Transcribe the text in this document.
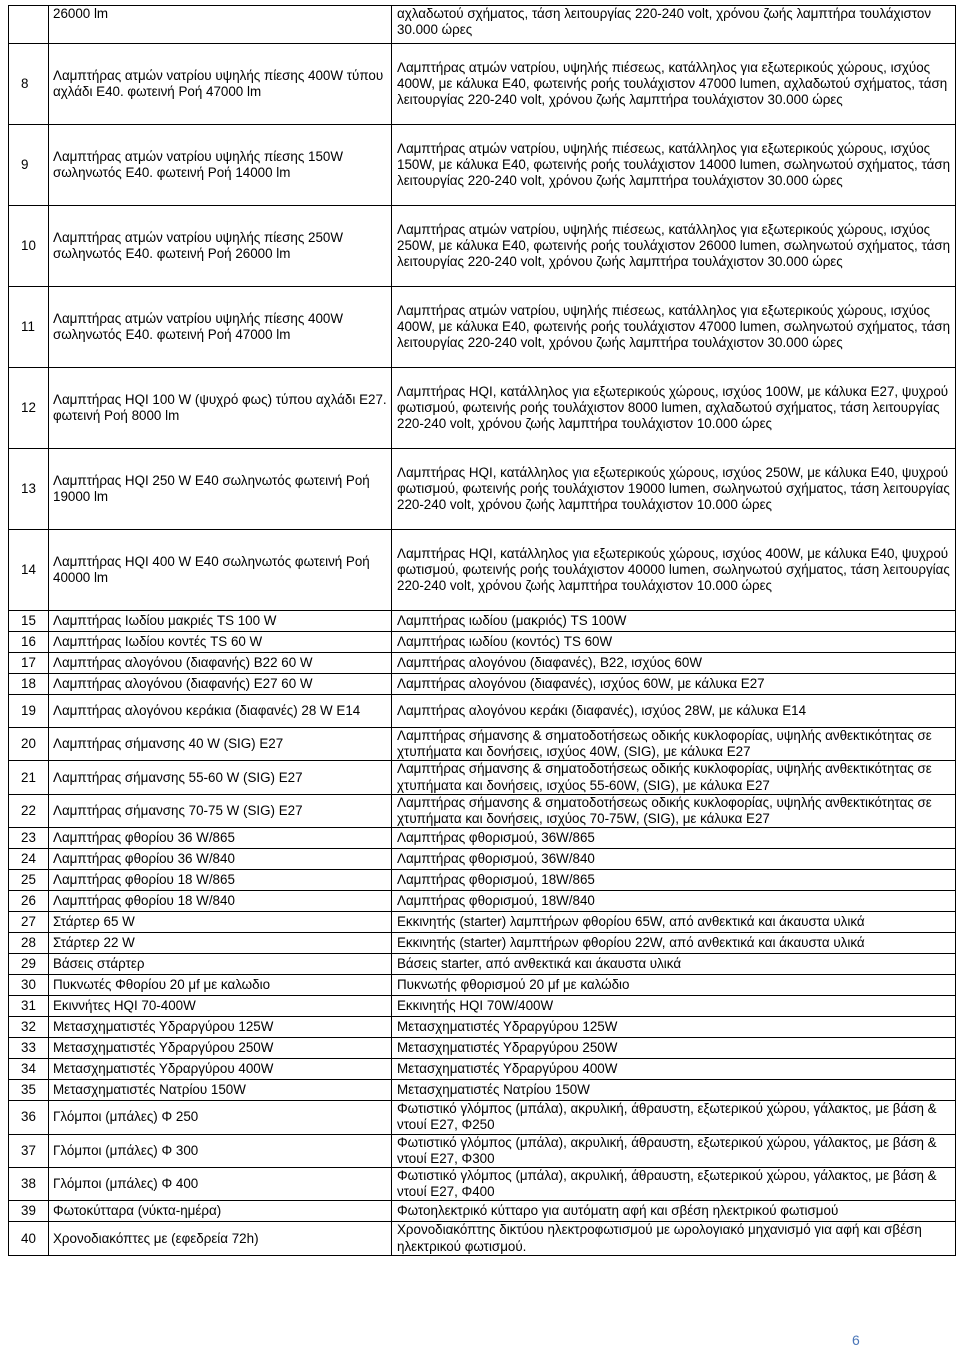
	26000 lm	αχλαδωτού σχήματος, τάση λειτουργίας 220-240 volt, χρόνου ζωής λαμπτήρα τουλάχιστον 30.000 ώρες
8	Λαμπτήρας ατμών νατρίου υψηλής πίεσης 400W τύπου αχλάδι E40. φωτεινή Ροή 47000 lm	Λαμπτήρας ατμών νατρίου, υψηλής πιέσεως, κατάλληλος για εξωτερικούς χώρους, ισχύος 400W, με κάλυκα Ε40, φωτεινής ροής τουλάχιστον 47000 lumen, αχλαδωτού σχήματος, τάση λειτουργίας 220-240 volt, χρόνου ζωής λαμπτήρα τουλάχιστον 30.000 ώρες
9	Λαμπτήρας ατμών νατρίου υψηλής πίεσης 150W σωληνωτός E40. φωτεινή Ροή 14000 lm	Λαμπτήρας ατμών νατρίου, υψηλής πιέσεως, κατάλληλος για εξωτερικούς χώρους, ισχύος 150W, με κάλυκα Ε40, φωτεινής ροής τουλάχιστον 14000 lumen, σωληνωτού σχήματος, τάση λειτουργίας 220-240 volt, χρόνου ζωής λαμπτήρα τουλάχιστον 30.000 ώρες
10	Λαμπτήρας ατμών νατρίου υψηλής πίεσης 250W σωληνωτός E40. φωτεινή Ροή 26000 lm	Λαμπτήρας ατμών νατρίου, υψηλής πιέσεως, κατάλληλος για εξωτερικούς χώρους, ισχύος 250W, με κάλυκα Ε40, φωτεινής ροής τουλάχιστον 26000 lumen, σωληνωτού σχήματος, τάση λειτουργίας 220-240 volt, χρόνου ζωής λαμπτήρα τουλάχιστον 30.000 ώρες
11	Λαμπτήρας ατμών νατρίου υψηλής πίεσης 400W σωληνωτός E40. φωτεινή Ροή 47000 lm	Λαμπτήρας ατμών νατρίου, υψηλής πιέσεως, κατάλληλος για εξωτερικούς χώρους, ισχύος 400W, με κάλυκα Ε40, φωτεινής ροής τουλάχιστον 47000 lumen, σωληνωτού σχήματος, τάση λειτουργίας 220-240 volt, χρόνου ζωής λαμπτήρα τουλάχιστον 30.000 ώρες
12	Λαμπτήρας HQI 100 W (ψυχρό φως) τύπου αχλάδι E27. φωτεινή Ροή 8000 lm	Λαμπτήρας HQI, κατάλληλος για εξωτερικούς χώρους, ισχύος 100W, με κάλυκα Ε27, ψυχρού φωτισμού, φωτεινής ροής τουλάχιστον 8000 lumen, αχλαδωτού σχήματος, τάση λειτουργίας 220-240 volt, χρόνου ζωής λαμπτήρα τουλάχιστον 10.000 ώρες
13	Λαμπτήρας HQI 250 W E40 σωληνωτός φωτεινή Ροή 19000 lm	Λαμπτήρας HQI, κατάλληλος για εξωτερικούς χώρους, ισχύος 250W, με κάλυκα Ε40, ψυχρού φωτισμού, φωτεινής ροής τουλάχιστον 19000 lumen, σωληνωτού σχήματος, τάση λειτουργίας 220-240 volt, χρόνου ζωής λαμπτήρα τουλάχιστον 10.000 ώρες
14	Λαμπτήρας HQI 400 W E40 σωληνωτός φωτεινή Ροή 40000 lm	Λαμπτήρας HQI, κατάλληλος για εξωτερικούς χώρους, ισχύος 400W, με κάλυκα Ε40, ψυχρού φωτισμού, φωτεινής ροής τουλάχιστον 40000 lumen, σωληνωτού σχήματος, τάση λειτουργίας 220-240 volt, χρόνου ζωής λαμπτήρα τουλάχιστον 10.000 ώρες
15	Λαμπτήρας Ιωδίου μακριές TS 100 W	Λαμπτήρας ιωδίου (μακριός) TS 100W
16	Λαμπτήρας Ιωδίου κοντές TS 60 W	Λαμπτήρας ιωδίου (κοντός) TS 60W
17	Λαμπτήρας αλογόνου (διαφανής) B22 60 W	Λαμπτήρας αλογόνου (διαφανές), B22, ισχύος 60W
18	Λαμπτήρας αλογόνου (διαφανής) E27 60 W	Λαμπτήρας αλογόνου (διαφανές), ισχύος 60W, με κάλυκα E27
19	Λαμπτήρας αλογόνου κεράκια (διαφανές) 28 W E14	Λαμπτήρας αλογόνου κεράκι (διαφανές), ισχύος 28W, με κάλυκα E14
20	Λαμπτήρας σήμανσης 40 W (SIG) E27	Λαμπτήρας σήμανσης & σηματοδοτήσεως οδικής κυκλοφορίας, υψηλής ανθεκτικότητας σε χτυπήματα και δονήσεις, ισχύος 40W, (SIG), με κάλυκα E27
21	Λαμπτήρας σήμανσης 55-60 W (SIG) E27	Λαμπτήρας σήμανσης & σηματοδοτήσεως οδικής κυκλοφορίας, υψηλής ανθεκτικότητας σε χτυπήματα και δονήσεις, ισχύος 55-60W, (SIG), με κάλυκα E27
22	Λαμπτήρας σήμανσης 70-75 W (SIG) E27	Λαμπτήρας σήμανσης & σηματοδοτήσεως οδικής κυκλοφορίας, υψηλής ανθεκτικότητας σε χτυπήματα και δονήσεις, ισχύος 70-75W, (SIG), με κάλυκα E27
23	Λαμπτήρας φθορίου 36 W/865	Λαμπτήρας φθορισμού, 36W/865
24	Λαμπτήρας φθορίου 36 W/840	Λαμπτήρας φθορισμού, 36W/840
25	Λαμπτήρας φθορίου 18 W/865	Λαμπτήρας φθορισμού, 18W/865
26	Λαμπτήρας φθορίου 18 W/840	Λαμπτήρας φθορισμού, 18W/840
27	Στάρτερ 65 W	Εκκινητής (starter) λαμπτήρων φθορίου 65W, από ανθεκτικά και άκαυστα υλικά
28	Στάρτερ 22 W	Εκκινητής (starter) λαμπτήρων φθορίου 22W, από ανθεκτικά και άκαυστα υλικά
29	Βάσεις στάρτερ	Βάσεις starter, από ανθεκτικά και άκαυστα υλικά
30	Πυκνωτές Φθορίου 20 μf με καλωδιο	Πυκνωτής φθορισμού 20 μf με καλώδιο
31	Εκιννήτες HQI 70-400W	Εκκινητής HQI 70W/400W
32	Μετασχηματιστές Υδραργύρου 125W	Μετασχηματιστές Υδραργύρου 125W
33	Μετασχηματιστές Υδραργύρου 250W	Μετασχηματιστές Υδραργύρου 250W
34	Μετασχηματιστές Υδραργύρου 400W	Μετασχηματιστές Υδραργύρου 400W
35	Μετασχηματιστές Νατρίου 150W	Μετασχηματιστές Νατρίου 150W
36	Γλόμποι (μπάλες) Φ 250	Φωτιστικό γλόμπος (μπάλα), ακρυλική, άθραυστη, εξωτερικού χώρου, γάλακτος, με βάση & ντουί E27, Φ250
37	Γλόμποι (μπάλες) Φ 300	Φωτιστικό γλόμπος (μπάλα), ακρυλική, άθραυστη, εξωτερικού χώρου, γάλακτος, με βάση & ντουί E27, Φ300
38	Γλόμποι (μπάλες) Φ 400	Φωτιστικό γλόμπος (μπάλα), ακρυλική, άθραυστη, εξωτερικού χώρου, γάλακτος, με βάση & ντουί E27, Φ400
39	Φωτοκύτταρα (νύκτα-ημέρα)	Φωτοηλεκτρικό κύτταρο για αυτόματη αφή και σβέση ηλεκτρικού φωτισμού
40	Χρονοδιακόπτες με (εφεδρεία 72h)	Χρονοδιακόπτης δικτύου ηλεκτροφωτισμού με ωρολογιακό μηχανισμό για αφή και σβέση ηλεκτρικού φωτισμού.
6
